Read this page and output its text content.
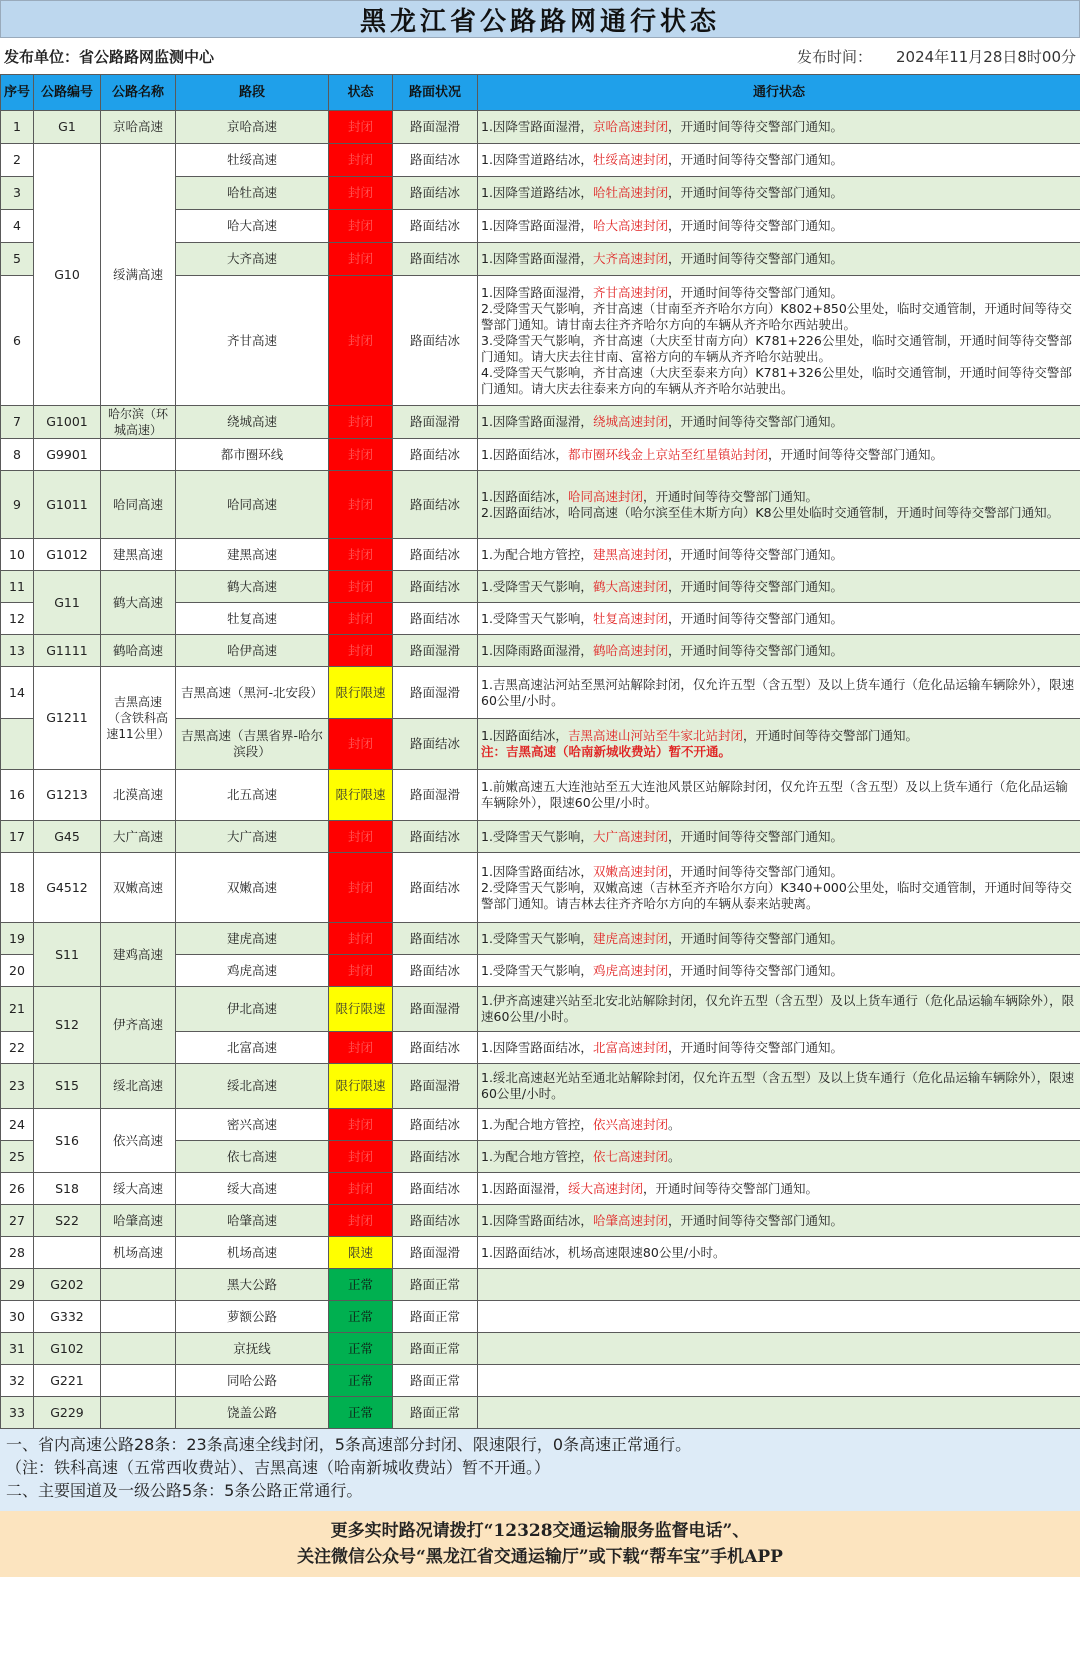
黑龙江省公路路网通行状态
发布单位：省公路路网监测中心	发布时间： 2024年11月28日8时00分
序号	公路编号	公路名称	路段	状态	路面状况	通行状态
1	G1	京哈高速	京哈高速	封闭	路面湿滑	1.因降雪路面湿滑，京哈高速封闭，开通时间等待交警部门通知。

2	G10	绥满高速	牡绥高速	封闭	路面结冰	1.因降雪道路结冰，牡绥高速封闭，开通时间等待交警部门通知。

3			哈牡高速	封闭	路面结冰	1.因降雪道路结冰，哈牡高速封闭，开通时间等待交警部门通知。

4			哈大高速	封闭	路面结冰	1.因降雪路面湿滑，哈大高速封闭，开通时间等待交警部门通知。

5			大齐高速	封闭	路面结冰	1.因降雪路面湿滑，大齐高速封闭，开通时间等待交警部门通知。

6			齐甘高速	封闭	路面结冰	1.因降雪路面湿滑，齐甘高速封闭，开通时间等待交警部门通知。
2.受降雪天气影响，齐甘高速（甘南至齐齐哈尔方向）K802+850公里处，临时交通管制，开通时间等待交警部门通知。请甘南去往齐齐哈尔方向的车辆从齐齐哈尔西站驶出。
3.受降雪天气影响，齐甘高速（大庆至甘南方向）K781+226公里处，临时交通管制，开通时间等待交警部门通知。请大庆去往甘南、富裕方向的车辆从齐齐哈尔站驶出。
4.受降雪天气影响，齐甘高速（大庆至泰来方向）K781+326公里处，临时交通管制，开通时间等待交警部门通知。请大庆去往泰来方向的车辆从齐齐哈尔站驶出。

7	G1001	哈尔滨（环城高速）	绕城高速	封闭	路面湿滑	1.因降雪路面湿滑，绕城高速封闭，开通时间等待交警部门通知。

8	G9901		都市圈环线	封闭	路面结冰	1.因路面结冰，都市圈环线金上京站至红星镇站封闭，开通时间等待交警部门通知。

9	G1011	哈同高速	哈同高速	封闭	路面结冰	1.因路面结冰，哈同高速封闭，开通时间等待交警部门通知。
2.因路面结冰，哈同高速（哈尔滨至佳木斯方向）K8公里处临时交通管制，开通时间等待交警部门通知。

10	G1012	建黑高速	建黑高速	封闭	路面结冰	1.为配合地方管控，建黑高速封闭，开通时间等待交警部门通知。

11	G11	鹤大高速	鹤大高速	封闭	路面结冰	1.受降雪天气影响，鹤大高速封闭，开通时间等待交警部门通知。

12			牡复高速	封闭	路面结冰	1.受降雪天气影响，牡复高速封闭，开通时间等待交警部门通知。

13	G1111	鹤哈高速	哈伊高速	封闭	路面湿滑	1.因降雨路面湿滑，鹤哈高速封闭，开通时间等待交警部门通知。

14	G1211	吉黑高速（含铁科高速11公里）	吉黑高速（黑河-北安段）	限行限速	路面湿滑	1.吉黑高速沾河站至黑河站解除封闭，仅允许五型（含五型）及以上货车通行（危化品运输车辆除外），限速60公里/小时。

			吉黑高速（吉黑省界-哈尔滨段）	封闭	路面结冰	1.因路面结冰，吉黑高速山河站至牛家北站封闭，开通时间等待交警部门通知。
注：吉黑高速（哈南新城收费站）暂不开通。

16	G1213	北漠高速	北五高速	限行限速	路面湿滑	1.前嫩高速五大连池站至五大连池风景区站解除封闭，仅允许五型（含五型）及以上货车通行（危化品运输车辆除外），限速60公里/小时。

17	G45	大广高速	大广高速	封闭	路面结冰	1.受降雪天气影响，大广高速封闭，开通时间等待交警部门通知。

18	G4512	双嫩高速	双嫩高速	封闭	路面结冰	1.因降雪路面结冰，双嫩高速封闭，开通时间等待交警部门通知。
2.受降雪天气影响，双嫩高速（吉林至齐齐哈尔方向）K340+000公里处，临时交通管制，开通时间等待交警部门通知。请吉林去往齐齐哈尔方向的车辆从泰来站驶离。

19	S11	建鸡高速	建虎高速	封闭	路面结冰	1.受降雪天气影响，建虎高速封闭，开通时间等待交警部门通知。

20			鸡虎高速	封闭	路面结冰	1.受降雪天气影响，鸡虎高速封闭，开通时间等待交警部门通知。

21	S12	伊齐高速	伊北高速	限行限速	路面湿滑	1.伊齐高速建兴站至北安北站解除封闭，仅允许五型（含五型）及以上货车通行（危化品运输车辆除外），限速60公里/小时。

22			北富高速	封闭	路面结冰	1.因降雪路面结冰，北富高速封闭，开通时间等待交警部门通知。

23	S15	绥北高速	绥北高速	限行限速	路面湿滑	1.绥北高速赵光站至通北站解除封闭，仅允许五型（含五型）及以上货车通行（危化品运输车辆除外），限速60公里/小时。

24	S16	依兴高速	密兴高速	封闭	路面结冰	1.为配合地方管控，依兴高速封闭。

25			依七高速	封闭	路面结冰	1.为配合地方管控，依七高速封闭。

26	S18	绥大高速	绥大高速	封闭	路面结冰	1.因路面湿滑，绥大高速封闭，开通时间等待交警部门通知。

27	S22	哈肇高速	哈肇高速	封闭	路面结冰	1.因降雪路面结冰，哈肇高速封闭，开通时间等待交警部门通知。

28		机场高速	机场高速	限速	路面湿滑	1.因路面结冰，机场高速限速80公里/小时。

29	G202		黑大公路	正常	路面正常	
30	G332		萝额公路	正常	路面正常	
31	G102		京抚线	正常	路面正常	
32	G221		同哈公路	正常	路面正常	
33	G229		饶盖公路	正常	路面正常	
一、省内高速公路28条：23条高速全线封闭，5条高速部分封闭、限速限行，0条高速正常通行。
（注：铁科高速（五常西收费站）、吉黑高速（哈南新城收费站）暂不开通。）
二、主要国道及一级公路5条：5条公路正常通行。
更多实时路况请拨打“12328交通运输服务监督电话”、
关注微信公众号“黑龙江省交通运输厅”或下载“帮车宝”手机APP
